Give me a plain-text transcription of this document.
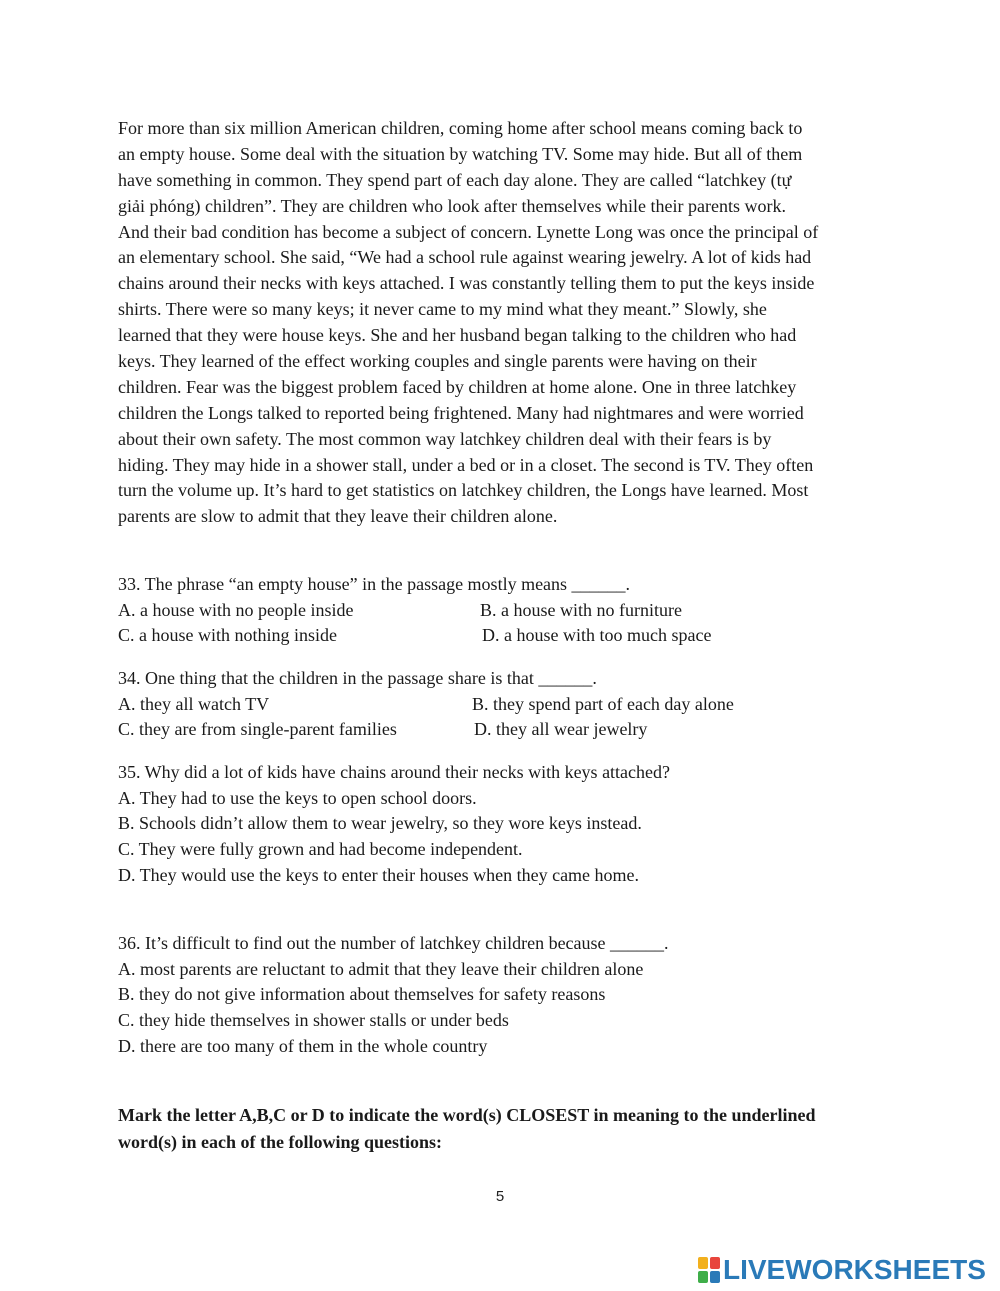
For more than six million American children, coming home after school means coming back to
an empty house. Some deal with the situation by watching TV. Some may hide. But all of them
have something in common. They spend part of each day alone. They are called “latchkey (tự
giải phóng) children”. They are children who look after themselves while their parents work.
And their bad condition has become a subject of concern. Lynette Long was once the principal of
an elementary school. She said, “We had a school rule against wearing jewelry. A lot of kids had
chains around their necks with keys attached. I was constantly telling them to put the keys inside
shirts. There were so many keys; it never came to my mind what they meant.” Slowly, she
learned that they were house keys. She and her husband began talking to the children who had
keys. They learned of the effect working couples and single parents were having on their
children. Fear was the biggest problem faced by children at home alone. One in three latchkey
children the Longs talked to reported being frightened. Many had nightmares and were worried
about their own safety. The most common way latchkey children deal with their fears is by
hiding. They may hide in a shower stall, under a bed or in a closet. The second is TV. They often
turn the volume up. It’s hard to get statistics on latchkey children, the Longs have learned. Most
parents are slow to admit that they leave their children alone.
33. The phrase “an empty house” in the passage mostly means ______.
A. a house with no people inside	B. a house with no furniture
C. a house with nothing inside	D. a house with too much space
34. One thing that the children in the passage share is that ______.
A. they all watch TV	B. they spend part of each day alone
C. they are from single-parent families	D. they all wear jewelry
35. Why did a lot of kids have chains around their necks with keys attached?
A. They had to use the keys to open school doors.
B. Schools didn’t allow them to wear jewelry, so they wore keys instead.
C. They were fully grown and had become independent.
D. They would use the keys to enter their houses when they came home.
36. It’s difficult to find out the number of latchkey children because ______.
A. most parents are reluctant to admit that they leave their children alone
B. they do not give information about themselves for safety reasons
C. they hide themselves in shower stalls or under beds
D. there are too many of them in the whole country
Mark the letter A,B,C or D to indicate the word(s) CLOSEST in meaning to the underlined
word(s) in each of the following questions:
5
LIVEWORKSHEETS
